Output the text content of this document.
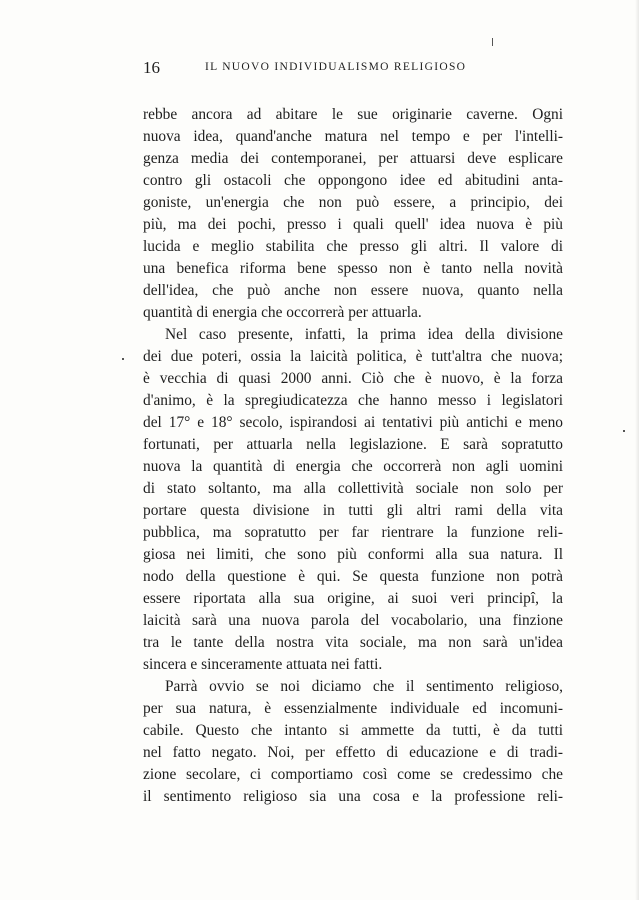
16	IL NUOVO INDIVIDUALISMO RELIGIOSO
rebbe ancora ad abitare le sue originarie caverne. Ogni
nuova idea, quand'anche matura nel tempo e per l'intelli-
genza media dei contemporanei, per attuarsi deve esplicare
contro gli ostacoli che oppongono idee ed abitudini anta-
goniste, un'energia che non può essere, a principio, dei
più, ma dei pochi, presso i quali quell' idea nuova è più
lucida e meglio stabilita che presso gli altri. Il valore di
una benefica riforma bene spesso non è tanto nella novità
dell'idea, che può anche non essere nuova, quanto nella
quantità di energia che occorrerà per attuarla.
Nel caso presente, infatti, la prima idea della divisione
dei due poteri, ossia la laicità politica, è tutt'altra che nuova;
è vecchia di quasi 2000 anni. Ciò che è nuovo, è la forza
d'animo, è la spregiudicatezza che hanno messo i legislatori
del 17° e 18° secolo, ispirandosi ai tentativi più antichi e meno
fortunati, per attuarla nella legislazione. E sarà sopratutto
nuova la quantità di energia che occorrerà non agli uomini
di stato soltanto, ma alla collettività sociale non solo per
portare questa divisione in tutti gli altri rami della vita
pubblica, ma sopratutto per far rientrare la funzione reli-
giosa nei limiti, che sono più conformi alla sua natura. Il
nodo della questione è qui. Se questa funzione non potrà
essere riportata alla sua origine, ai suoi veri principî, la
laicità sarà una nuova parola del vocabolario, una finzione
tra le tante della nostra vita sociale, ma non sarà un'idea
sincera e sinceramente attuata nei fatti.
Parrà ovvio se noi diciamo che il sentimento religioso,
per sua natura, è essenzialmente individuale ed incomuni-
cabile. Questo che intanto si ammette da tutti, è da tutti
nel fatto negato. Noi, per effetto di educazione e di tradi-
zione secolare, ci comportiamo così come se credessimo che
il sentimento religioso sia una cosa e la professione reli-
